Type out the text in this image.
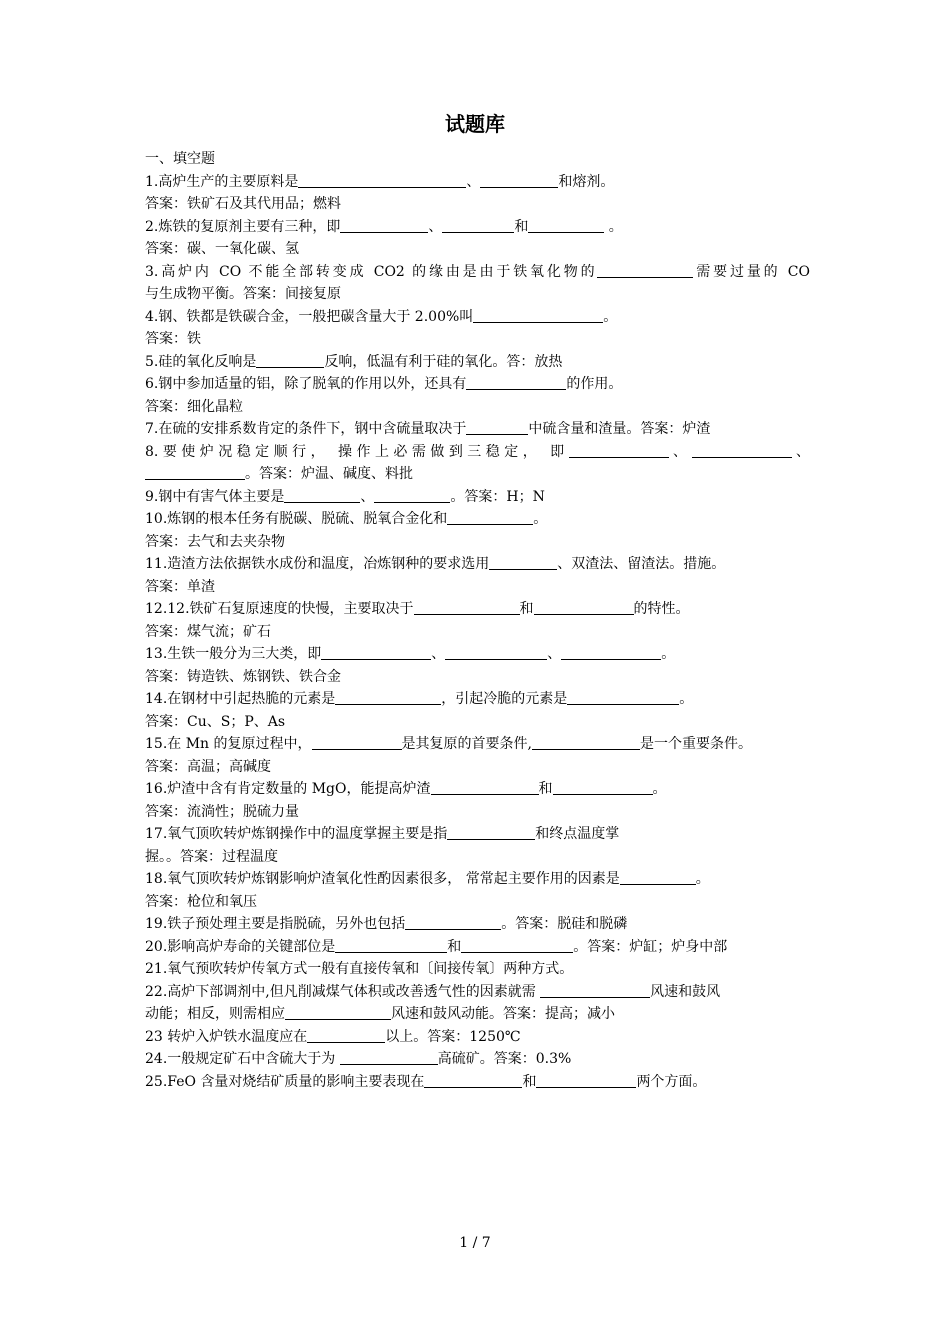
试题库

一、填空题

1.高炉生产的主要原料是	、	和熔剂。

答案：铁矿石及其代用品；燃料

2.炼铁的复原剂主要有三种，即	、	和	。

答案：碳、一氧化碳、氢

3.高炉内 CO 不能全部转变成 CO2 的缘由是由于铁氧化物的	需要过量的 CO

与生成物平衡。答案：间接复原

4.钢、铁都是铁碳合金，一般把碳含量大于 2.00%叫	。

答案：铁

5.硅的氧化反响是	反响，低温有利于硅的氧化。答：放热

6.钢中参加适量的铝，除了脱氧的作用以外，还具有	的作用。

答案：细化晶粒

7.在硫的安排系数肯定的条件下，钢中含硫量取决于	中硫含量和渣量。答案：炉渣

8.要使炉况稳定顺行， 操作上必需做到三稳定， 即	、	、

。答案：炉温、碱度、料批

9.钢中有害气体主要是	、	。答案：H；N

10.炼钢的根本任务有脱碳、脱硫、脱氧合金化和	。

答案：去气和去夹杂物

11.造渣方法依据铁水成份和温度，冶炼钢种的要求选用	、双渣法、留渣法。措施。

答案：单渣

12.12.铁矿石复原速度的快慢，主要取决于	和	的特性。

答案：煤气流；矿石

13.生铁一般分为三大类，即	、	、	。

答案：铸造铁、炼钢铁、铁合金

14.在钢材中引起热脆的元素是	，引起冷脆的元素是	。

答案：Cu、S；P、As

15.在 Mn 的复原过程中，	是其复原的首要条件,	是一个重要条件。

答案：高温；高碱度

16.炉渣中含有肯定数量的 MgO，能提高炉渣	和	。

答案：流淌性；脱硫力量

17.氧气顶吹转炉炼钢操作中的温度掌握主要是指	和终点温度掌

握。。答案：过程温度

18.氧气顶吹转炉炼钢影响炉渣氧化性酌因素很多， 常常起主要作用的因素是	。

答案：枪位和氧压

19.铁子预处理主要是指脱硫，另外也包括	。答案：脱硅和脱磷

20.影响高炉寿命的关键部位是	和	。答案：炉缸；炉身中部

21.氧气预吹转炉传氧方式一般有直接传氧和〔间接传氧〕两种方式。

22.高炉下部调剂中,但凡削减煤气体积或改善透气性的因素就需	风速和鼓风

动能；相反，则需相应	风速和鼓风动能。答案：提高；减小

23 转炉入炉铁水温度应在	以上。答案：1250℃

24.一般规定矿石中含硫大于为	高硫矿。答案：0.3%

25.FeO 含量对烧结矿质量的影响主要表现在	和	两个方面。

1 / 7
